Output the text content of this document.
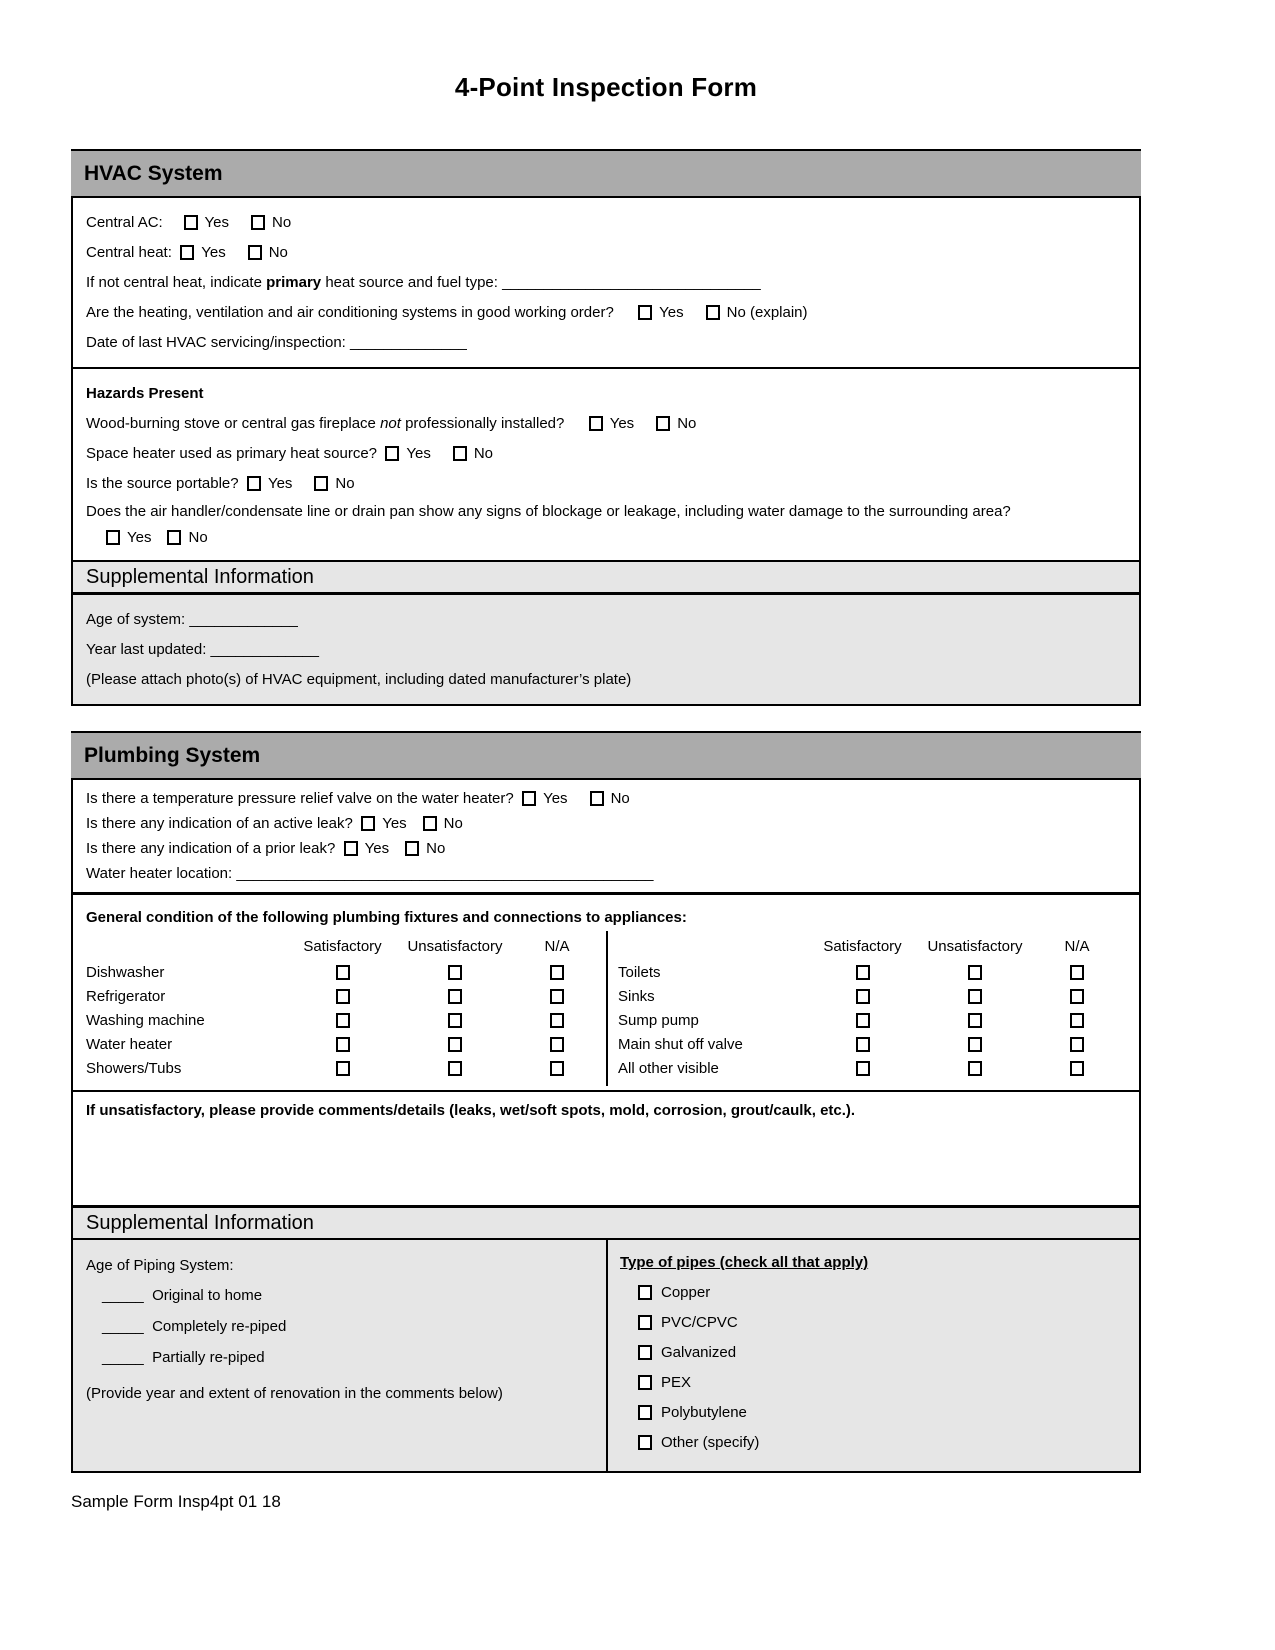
4-Point Inspection Form
HVAC System
Central AC:
	Yes	No
Central heat:
Yes	No
If not central heat, indicate
primary
heat source and fuel type:
_______________________________
Are the heating, ventilation and air conditioning systems in good working order?
	Yes	No (explain)
Date of last HVAC servicing/inspection:
______________
Hazards Present
Wood-burning stove or central gas fireplace
not
professionally installed?
	Yes	No
Space heater used as primary heat source?
Yes	No
Is the source portable?
Yes	No
Does the air handler/condensate line or drain pan show any signs of blockage or leakage, including water damage to the surrounding area?
Yes No
Supplemental Information
Age of system:
_____________
Year last updated:
_____________
(Please attach photo(s) of HVAC equipment, including dated manufacturer’s plate)
Plumbing System
Is there a temperature pressure relief valve on the water heater?
Yes	No
Is there any indication of an active leak?
Yes No
Is there any indication of a prior leak?
Yes No
Water heater location:
__________________________________________________
General condition of the following plumbing fixtures and connections to appliances:
Satisfactory	Unsatisfactory	N/A
Dishwasher
Refrigerator
Washing machine
Water heater
Showers/Tubs
Satisfactory	Unsatisfactory	N/A
Toilets
Sinks
Sump pump
Main shut off valve
All other visible
If unsatisfactory, please provide comments/details (leaks, wet/soft spots, mold, corrosion, grout/caulk, etc.).
Supplemental Information
Age of Piping System:
_____
Original to home
_____
Completely re-piped
_____
Partially re-piped
(Provide year and extent of renovation in the comments below)
Type of pipes (check all that apply)
Copper
PVC/CPVC
Galvanized
PEX
Polybutylene
Other (specify)
Sample Form Insp4pt 01 18
